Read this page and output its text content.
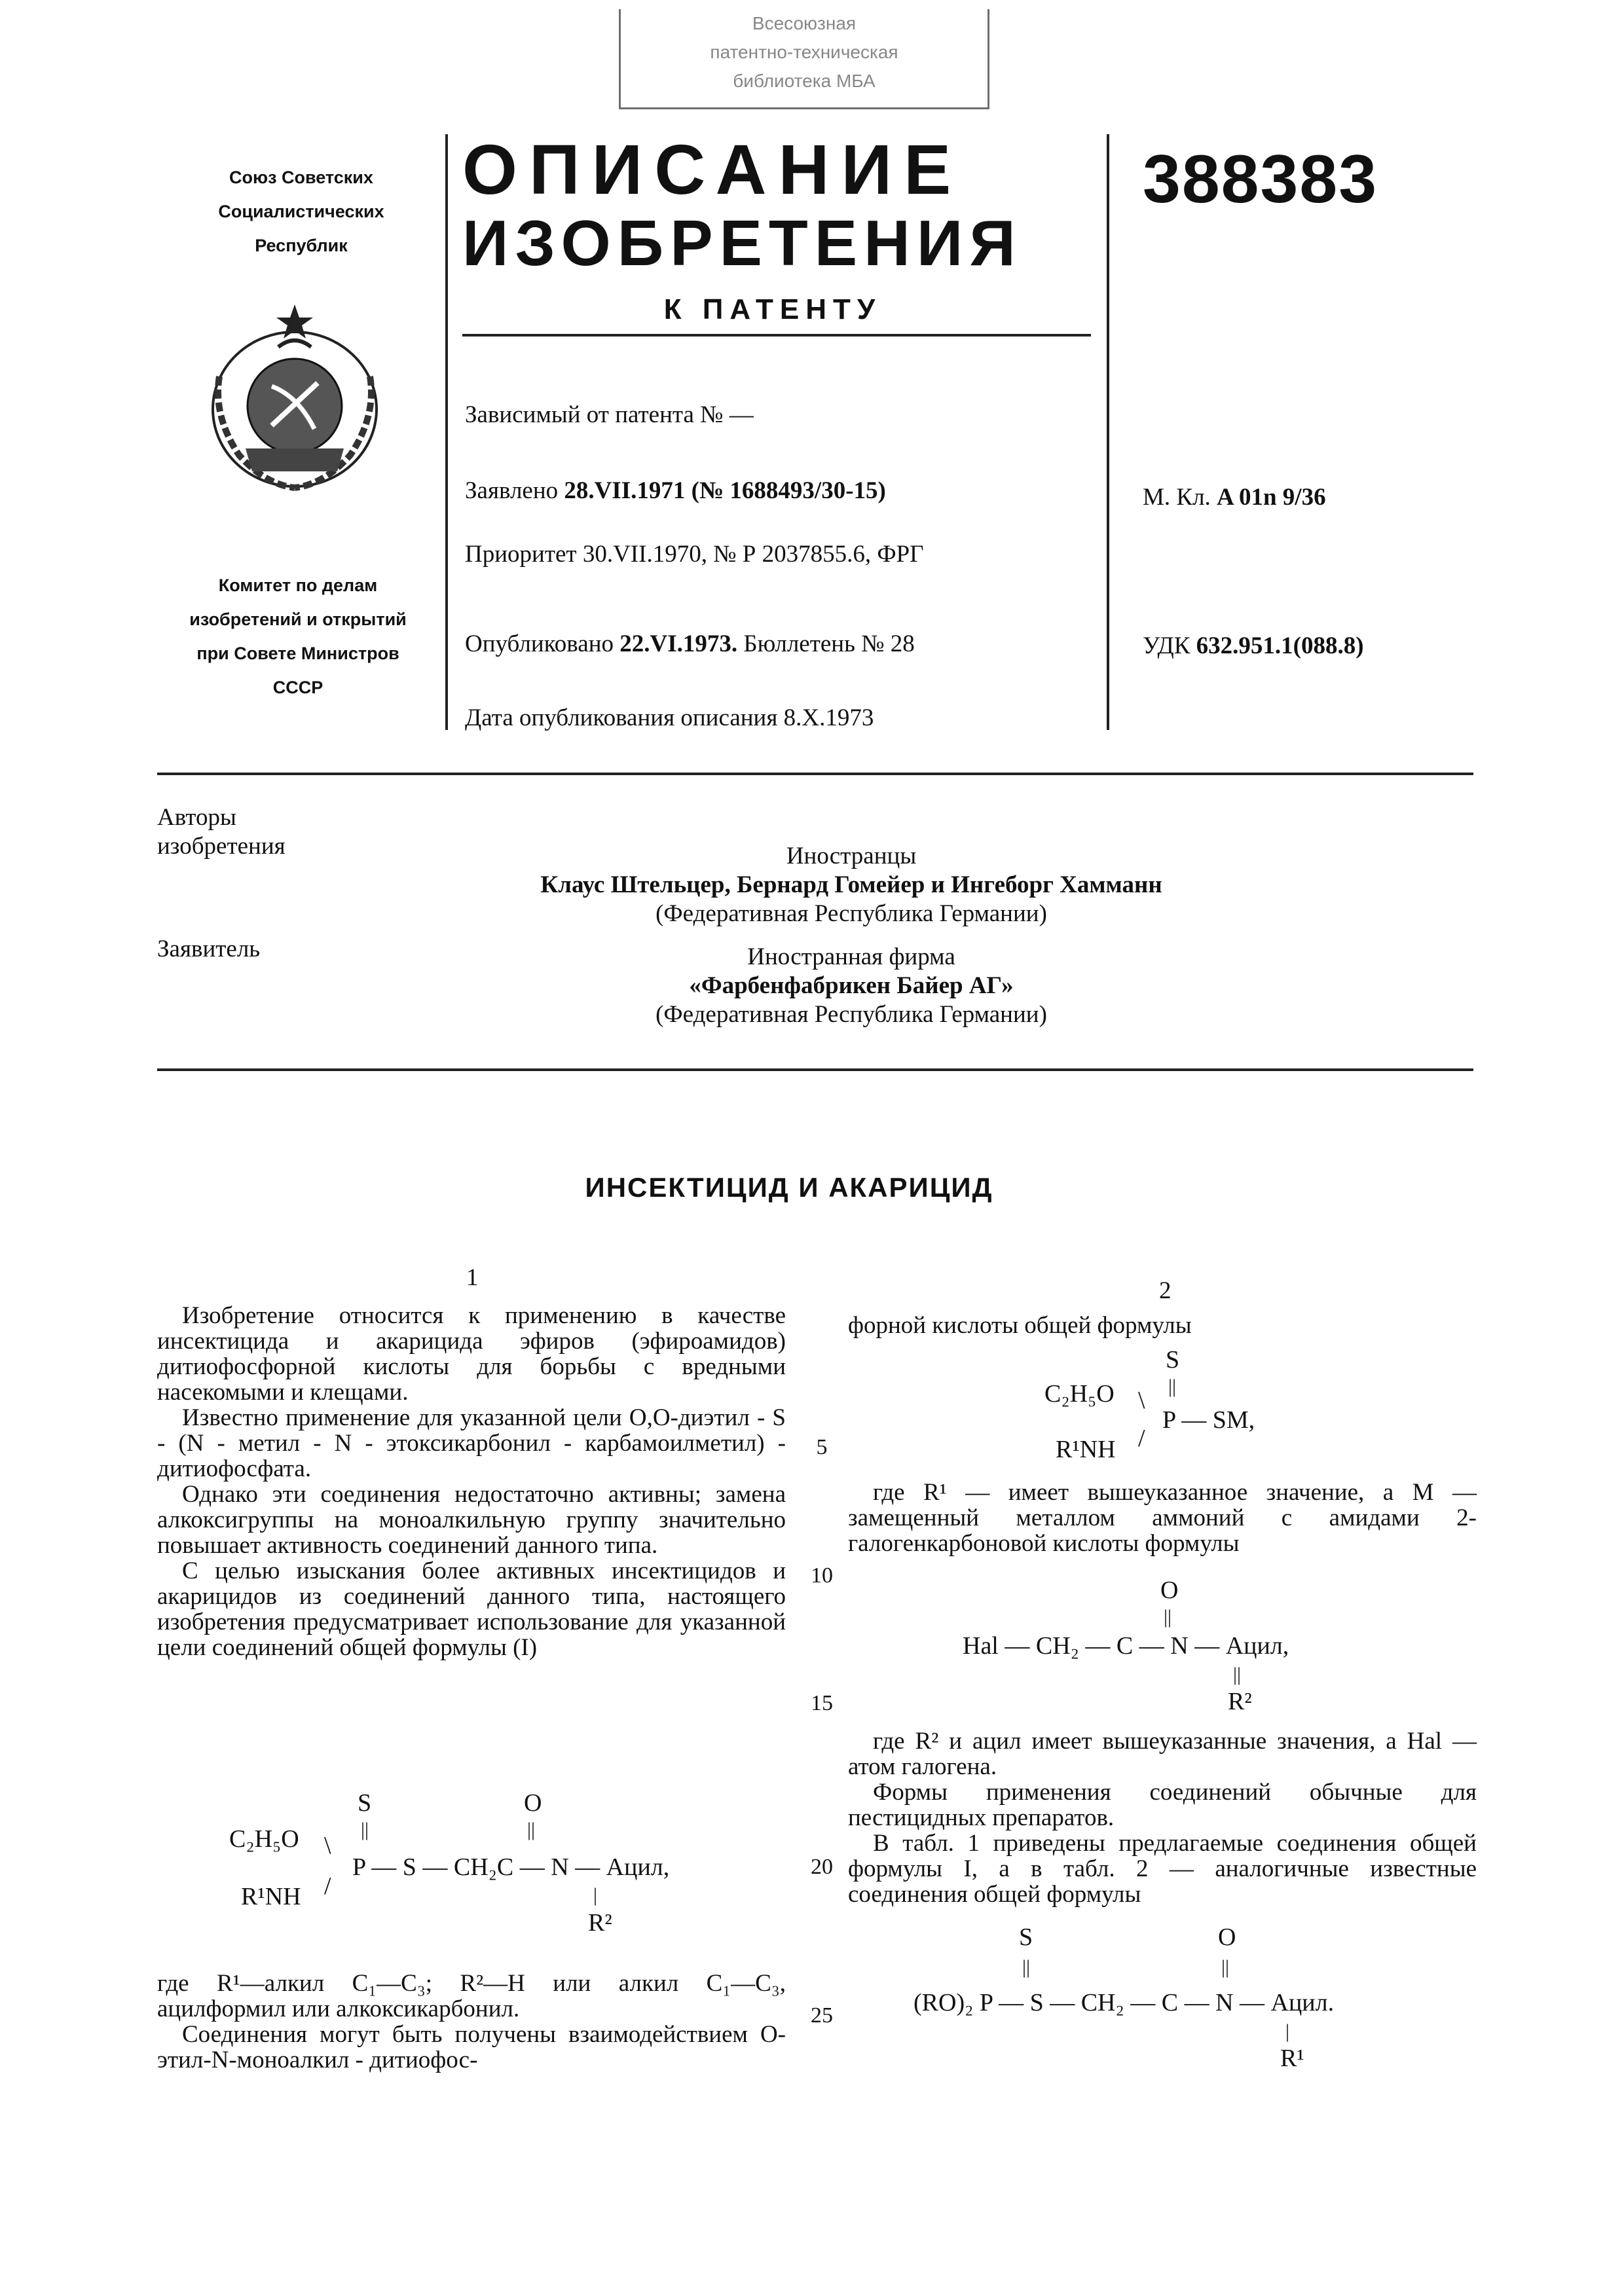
Всесоюзная
патентно-техническая
библиотека МБА
Союз Советских
Социалистических
Республик
Комитет по делам
изобретений и открытий
при Совете Министров
СССР
ОПИСАНИЕ
ИЗОБРЕТЕНИЯ
К ПАТЕНТУ
388383
Зависимый от патента № —
Заявлено 28.VII.1971 (№ 1688493/30-15)
Приоритет 30.VII.1970, № Р 2037855.6, ФРГ
Опубликовано 22.VI.1973. Бюллетень № 28
Дата опубликования описания 8.X.1973
М. Кл. A 01n 9/36
УДК 632.951.1(088.8)
Авторы
изобретения	Иностранцы
Клаус Штельцер, Бернард Гомейер и Ингеборг Хамманн
(Федеративная Республика Германии)
Заявитель	Иностранная фирма
«Фарбенфабрикен Байер АГ»
(Федеративная Республика Германии)
ИНСЕКТИЦИД И АКАРИЦИД
1	2

Изобретение относится к применению в качестве инсектицида и акарицида эфиров (эфироамидов) дитиофосфорной кислоты для борьбы с вредными насекомыми и клещами.

Известно применение для указанной цели O,O-диэтил - S - (N - метил - N - этоксикарбонил - карбамоилметил) - дитиофосфата.

Однако эти соединения недостаточно активны; замена алкоксигруппы на моноалкильную группу значительно повышает активность соединений данного типа.

С целью изыскания более активных инсектицидов и акарицидов из соединений данного типа, настоящего изобретения предусматривает использование для указанной цели соединений общей формулы (I)

S	O
||	||
C₂H₅O \
P — S — CH₂C — N — Ацил,
/
R¹NH	|
R²

где R¹—алкил C₁—C₃; R²—H или алкил C₁—C₃, ацилформил или алкоксикарбонил.

Соединения могут быть получены взаимодействием O-этил-N-моноалкил - дитиофос-

5
10
15
20
25

форной кислоты общей формулы

S
||
C₂H₅O \
P — SM,
/
R¹NH

где R¹ — имеет вышеуказанное значение, а M — замещенный металлом аммоний с амидами 2-галогенкарбоновой кислоты формулы

O
||
Hal — CH₂ — C — N — Ацил,
||
R²

где R² и ацил имеет вышеуказанные значения, а Hal — атом галогена.

Формы применения соединений обычные для пестицидных препаратов.

В табл. 1 приведены предлагаемые соединения общей формулы I, а в табл. 2 — аналогичные известные соединения общей формулы

S	O
||	||
(RO)₂ P — S — CH₂ — C — N — Ацил.
|
R¹
